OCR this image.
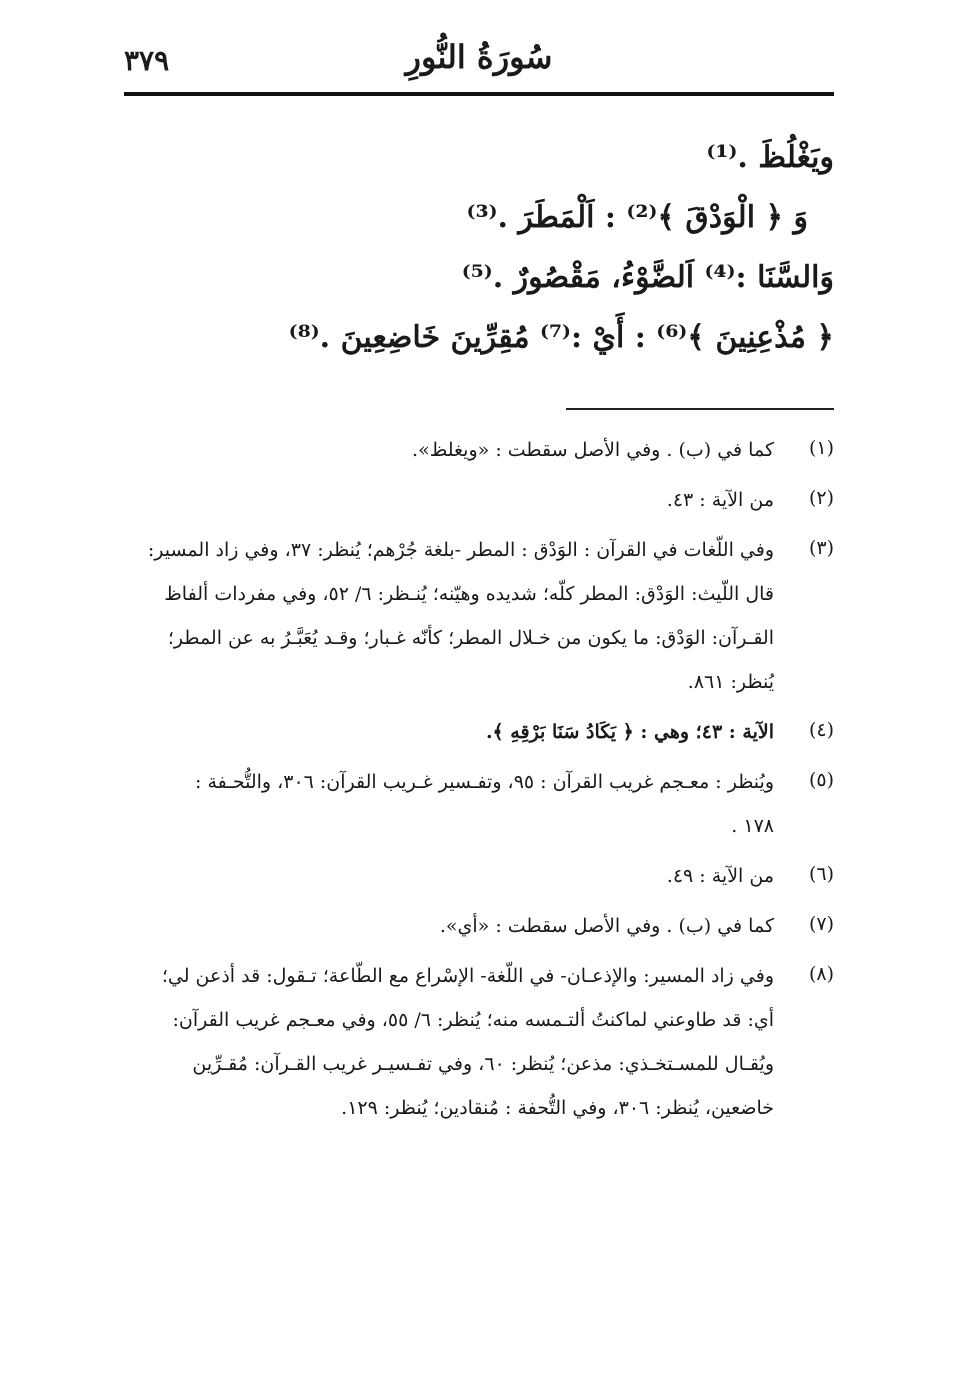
سُورَةُ النُّورِ
٣٧٩
ويَغْلُظَ .⁽¹⁾
وَ ﴿ الْوَدْقَ ﴾⁽²⁾ : اَلْمَطَرَ .⁽³⁾
وَالسَّنَا :⁽⁴⁾ اَلضَّوْءُ، مَقْصُورٌ .⁽⁵⁾
﴿ مُذْعِنِينَ ﴾⁽⁶⁾ : أَيْ :⁽⁷⁾ مُقِرِّينَ خَاضِعِينَ .⁽⁸⁾
(١)
كما في (ب) . وفي الأصل سقطت : «ويغلظ».
(٢)
من الآية : ٤٣.
(٣)
وفي اللّغات في القرآن : الوَدْق : المطر -بلغة جُرْهم؛ يُنظر: ٣٧، وفي زاد المسير:
قال اللّيث: الوَدْق: المطر كلّه؛ شديده وهيّنه؛ يُنـظر: ٦/ ٥٢، وفي مفردات ألفاظ
القـرآن: الوَدْق: ما يكون من خـلال المطر؛ كأنّه غـبار؛ وقـد يُعَبَّـرُ به عن المطر؛
يُنظر: ٨٦١.
(٤)
الآية : ٤٣؛ وهي : ﴿ يَكَادُ سَنَا بَرْقِهِ ﴾.
(٥)
ويُنظر : معـجم غريب القرآن : ٩٥، وتفـسير غـريب القرآن: ٣٠٦، والتُّحـفة :
١٧٨ .
(٦)
من الآية : ٤٩.
(٧)
كما في (ب) . وفي الأصل سقطت : «أي».
(٨)
وفي زاد المسير: والإذعـان- في اللّغة- الإسْراع مع الطّاعة؛ تـقول: قد أذعن لي؛
أي: قد طاوعني لماكنتُ ألتـمسه منه؛ يُنظر: ٦/ ٥٥، وفي معـجم غريب القرآن:
ويُقـال للمسـتخـذي: مذعن؛ يُنظر: ٦٠، وفي تفـسيـر غريب القـرآن: مُقـرِّين
خاضعين، يُنظر: ٣٠٦، وفي التُّحفة : مُنقادين؛ يُنظر: ١٢٩.
